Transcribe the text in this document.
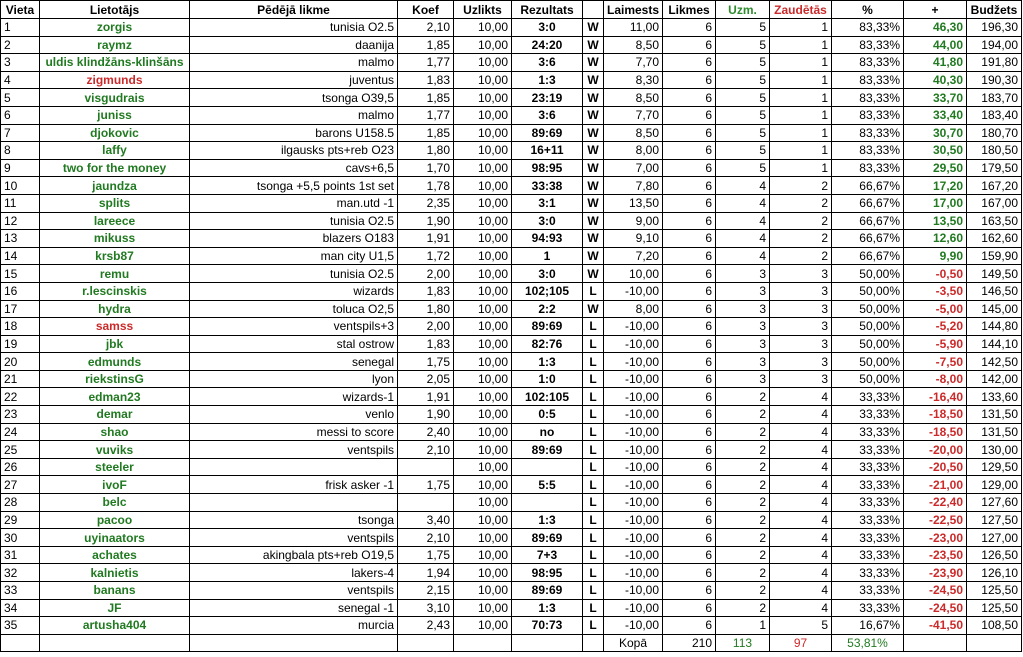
Vieta	Lietotājs	Pēdējā likme	Koef	Uzlikts	Rezultats		Laimests	Likmes	Uzm.	Zaudētās	%	+	Budžets
1	zorgis	tunisia O2.5	2,10	10,00	3:0	W	11,00	6	5	1	83,33%	46,30	196,30
2	raymz	daanija	1,85	10,00	24:20	W	8,50	6	5	1	83,33%	44,00	194,00
3	uldis klindžāns-klinšāns	malmo	1,77	10,00	3:6	W	7,70	6	5	1	83,33%	41,80	191,80
4	zigmunds	juventus	1,83	10,00	1:3	W	8,30	6	5	1	83,33%	40,30	190,30
5	visgudrais	tsonga O39,5	1,85	10,00	23:19	W	8,50	6	5	1	83,33%	33,70	183,70
6	juniss	malmo	1,77	10,00	3:6	W	7,70	6	5	1	83,33%	33,40	183,40
7	djokovic	barons U158.5	1,85	10,00	89:69	W	8,50	6	5	1	83,33%	30,70	180,70
8	laffy	ilgausks pts+reb O23	1,80	10,00	16+11	W	8,00	6	5	1	83,33%	30,50	180,50
9	two for the money	cavs+6,5	1,70	10,00	98:95	W	7,00	6	5	1	83,33%	29,50	179,50
10	jaundza	tsonga +5,5 points 1st set	1,78	10,00	33:38	W	7,80	6	4	2	66,67%	17,20	167,20
11	splits	man.utd -1	2,35	10,00	3:1	W	13,50	6	4	2	66,67%	17,00	167,00
12	lareece	tunisia O2.5	1,90	10,00	3:0	W	9,00	6	4	2	66,67%	13,50	163,50
13	mikuss	blazers O183	1,91	10,00	94:93	W	9,10	6	4	2	66,67%	12,60	162,60
14	krsb87	man city U1,5	1,72	10,00	1	W	7,20	6	4	2	66,67%	9,90	159,90
15	remu	tunisia O2.5	2,00	10,00	3:0	W	10,00	6	3	3	50,00%	-0,50	149,50
16	r.lescinskis	wizards	1,83	10,00	102;105	L	-10,00	6	3	3	50,00%	-3,50	146,50
17	hydra	toluca O2,5	1,80	10,00	2:2	W	8,00	6	3	3	50,00%	-5,00	145,00
18	samss	ventspils+3	2,00	10,00	89:69	L	-10,00	6	3	3	50,00%	-5,20	144,80
19	jbk	stal ostrow	1,83	10,00	82:76	L	-10,00	6	3	3	50,00%	-5,90	144,10
20	edmunds	senegal	1,75	10,00	1:3	L	-10,00	6	3	3	50,00%	-7,50	142,50
21	riekstinsG	lyon	2,05	10,00	1:0	L	-10,00	6	3	3	50,00%	-8,00	142,00
22	edman23	wizards-1	1,91	10,00	102:105	L	-10,00	6	2	4	33,33%	-16,40	133,60
23	demar	venlo	1,90	10,00	0:5	L	-10,00	6	2	4	33,33%	-18,50	131,50
24	shao	messi to score	2,40	10,00	no	L	-10,00	6	2	4	33,33%	-18,50	131,50
25	vuviks	ventspils	2,10	10,00	89:69	L	-10,00	6	2	4	33,33%	-20,00	130,00
26	steeler			10,00		L	-10,00	6	2	4	33,33%	-20,50	129,50
27	ivoF	frisk asker -1	1,75	10,00	5:5	L	-10,00	6	2	4	33,33%	-21,00	129,00
28	belc			10,00		L	-10,00	6	2	4	33,33%	-22,40	127,60
29	pacoo	tsonga	3,40	10,00	1:3	L	-10,00	6	2	4	33,33%	-22,50	127,50
30	uyinaators	ventspils	2,10	10,00	89:69	L	-10,00	6	2	4	33,33%	-23,00	127,00
31	achates	akingbala pts+reb O19,5	1,75	10,00	7+3	L	-10,00	6	2	4	33,33%	-23,50	126,50
32	kalnietis	lakers-4	1,94	10,00	98:95	L	-10,00	6	2	4	33,33%	-23,90	126,10
33	banans	ventspils	2,15	10,00	89:69	L	-10,00	6	2	4	33,33%	-24,50	125,50
34	JF	senegal -1	3,10	10,00	1:3	L	-10,00	6	2	4	33,33%	-24,50	125,50
35	artusha404	murcia	2,43	10,00	70:73	L	-10,00	6	1	5	16,67%	-41,50	108,50
							Kopā	210	113	97	53,81%		
